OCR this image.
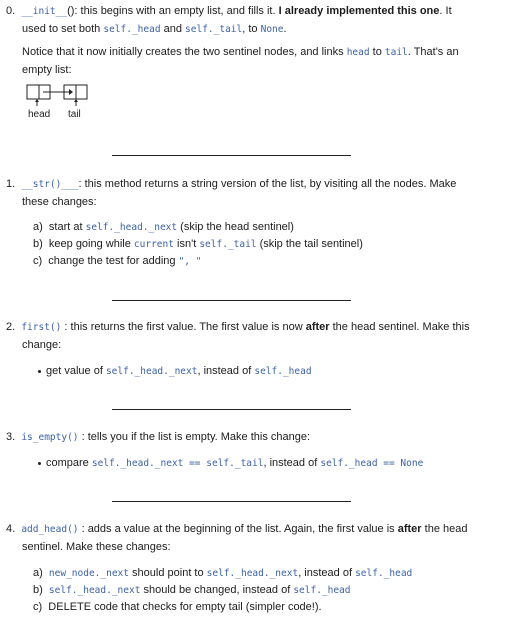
0. __init__(): this begins with an empty list, and fills it. I already implemented this one. It
used to set both self._head and self._tail, to None.
Notice that it now initially creates the two sentinel nodes, and links head to tail. That's an
empty list:
head tail
1. __str()___: this method returns a string version of the list, by visiting all the nodes. Make
these changes:
a) start at self._head._next (skip the head sentinel)
b) keep going while current isn't self._tail (skip the tail sentinel)
c) change the test for adding ", "
2. first() : this returns the first value. The first value is now after the head sentinel. Make this
change:
get value of self._head._next, instead of self._head
3. is_empty() : tells you if the list is empty. Make this change:
compare self._head._next == self._tail, instead of self._head == None
4. add_head() : adds a value at the beginning of the list. Again, the first value is after the head
sentinel. Make these changes:
a) new_node._next should point to self._head._next, instead of self._head
b) self._head._next should be changed, instead of self._head
c) DELETE code that checks for empty tail (simpler code!).
